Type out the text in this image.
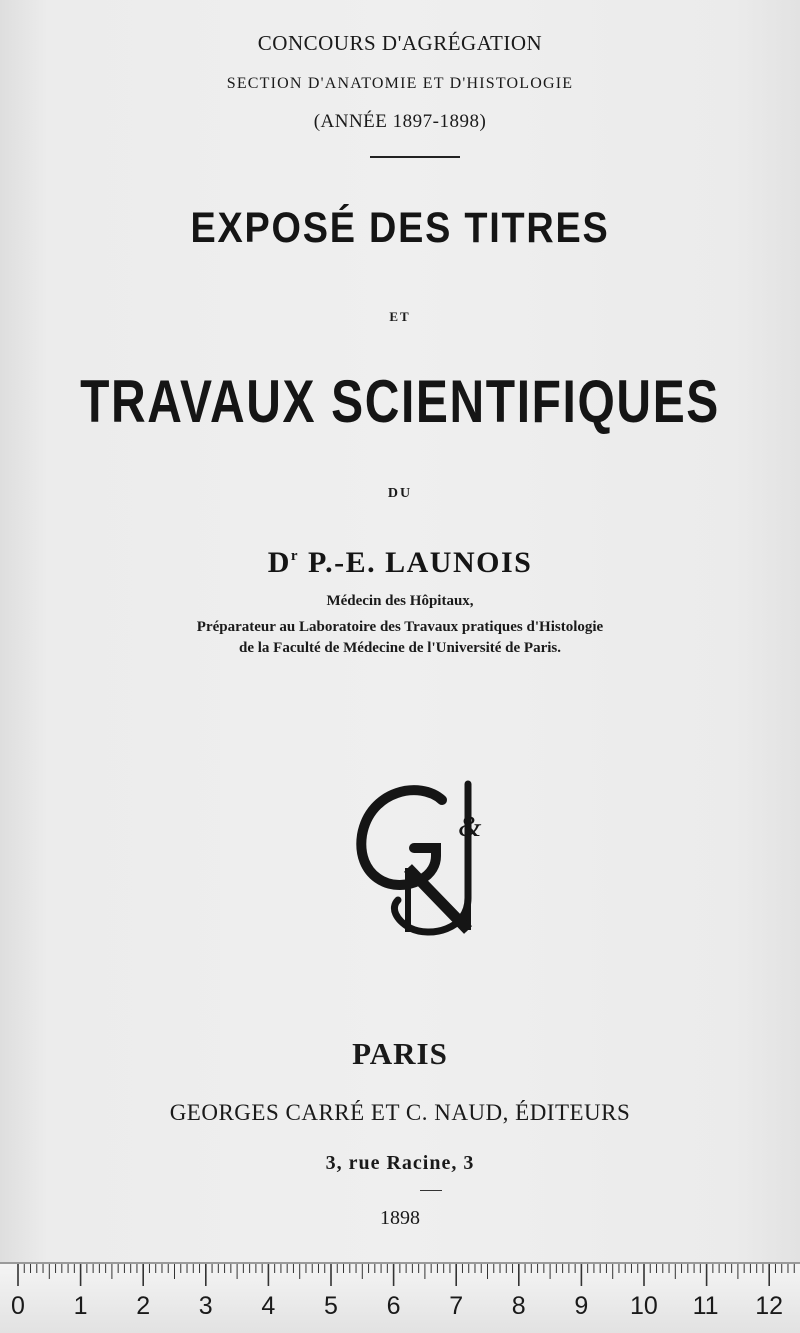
CONCOURS D'AGRÉGATION
SECTION D'ANATOMIE ET D'HISTOLOGIE
(ANNÉE 1897-1898)
EXPOSÉ DES TITRES
ET
TRAVAUX SCIENTIFIQUES
DU
$D^r$ P.-E. LAUNOIS
Médecin des Hôpitaux,
Préparateur au Laboratoire des Travaux pratiques d'Histologie
de la Faculté de Médecine de l'Université de Paris.
&
PARIS
GEORGES CARRÉ ET C. NAUD, ÉDITEURS
3, rue Racine, 3
1898
0 1 2 3 4 5 6 7 8 9 10 11 12
